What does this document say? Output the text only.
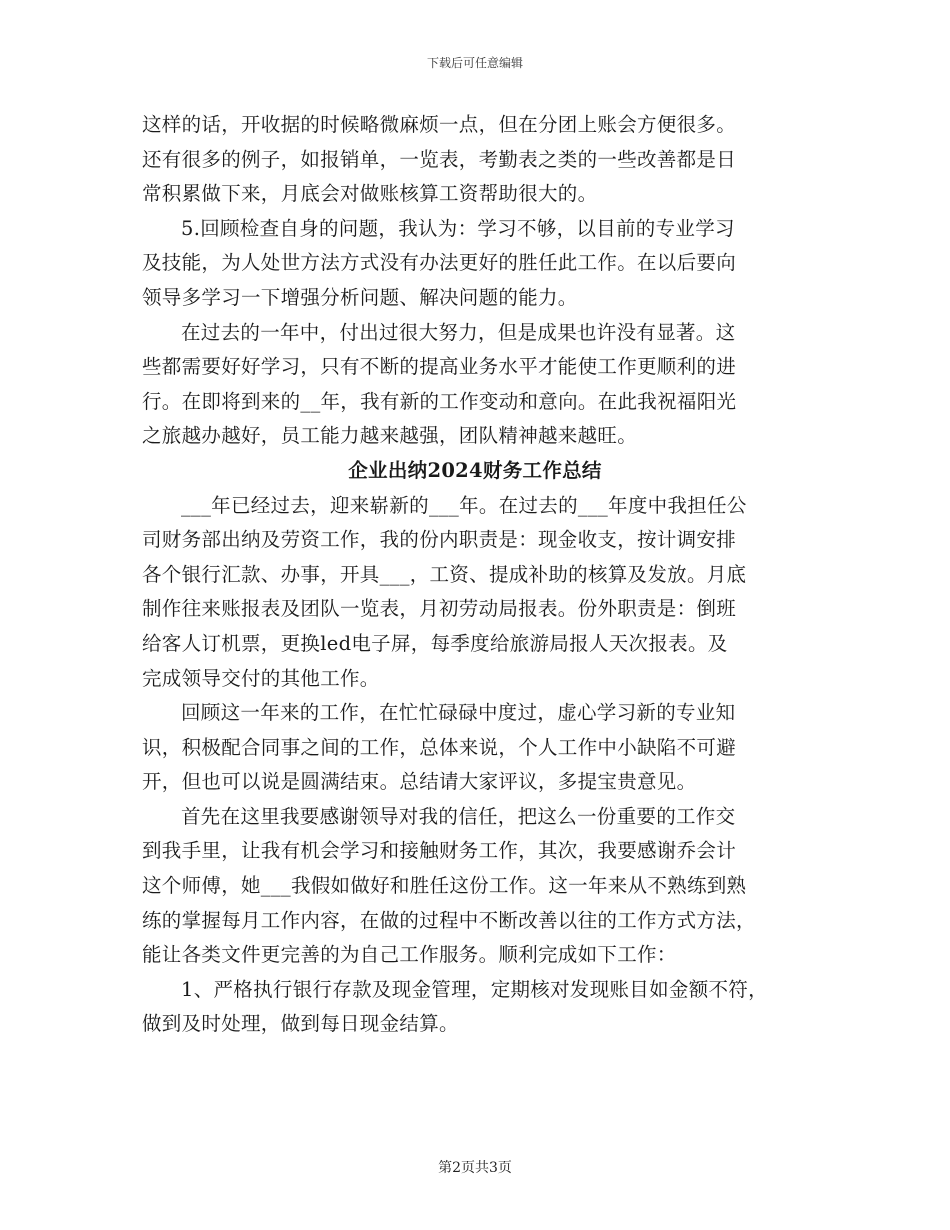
下载后可任意编辑

这样的话，开收据的时候略微麻烦一点，但在分团上账会方便很多。
还有很多的例子，如报销单，一览表，考勤表之类的一些改善都是日
常积累做下来，月底会对做账核算工资帮助很大的。

5.回顾检查自身的问题，我认为：学习不够，以目前的专业学习
及技能，为人处世方法方式没有办法更好的胜任此工作。在以后要向
领导多学习一下增强分析问题、解决问题的能力。

在过去的一年中，付出过很大努力，但是成果也许没有显著。这
些都需要好好学习，只有不断的提高业务水平才能使工作更顺利的进
行。在即将到来的__年，我有新的工作变动和意向。在此我祝福阳光
之旅越办越好，员工能力越来越强，团队精神越来越旺。

企业出纳2024财务工作总结

___年已经过去，迎来崭新的___年。在过去的___年度中我担任公
司财务部出纳及劳资工作，我的份内职责是：现金收支，按计调安排
各个银行汇款、办事，开具___，工资、提成补助的核算及发放。月底
制作往来账报表及团队一览表，月初劳动局报表。份外职责是：倒班
给客人订机票，更换led电子屏，每季度给旅游局报人天次报表。及
完成领导交付的其他工作。

回顾这一年来的工作，在忙忙碌碌中度过，虚心学习新的专业知
识，积极配合同事之间的工作，总体来说，个人工作中小缺陷不可避
开，但也可以说是圆满结束。总结请大家评议，多提宝贵意见。

首先在这里我要感谢领导对我的信任，把这么一份重要的工作交
到我手里，让我有机会学习和接触财务工作，其次，我要感谢乔会计
这个师傅，她___我假如做好和胜任这份工作。这一年来从不熟练到熟
练的掌握每月工作内容，在做的过程中不断改善以往的工作方式方法，
能让各类文件更完善的为自己工作服务。顺利完成如下工作：

1、严格执行银行存款及现金管理，定期核对发现账目如金额不符，
做到及时处理，做到每日现金结算。

第2页共3页
